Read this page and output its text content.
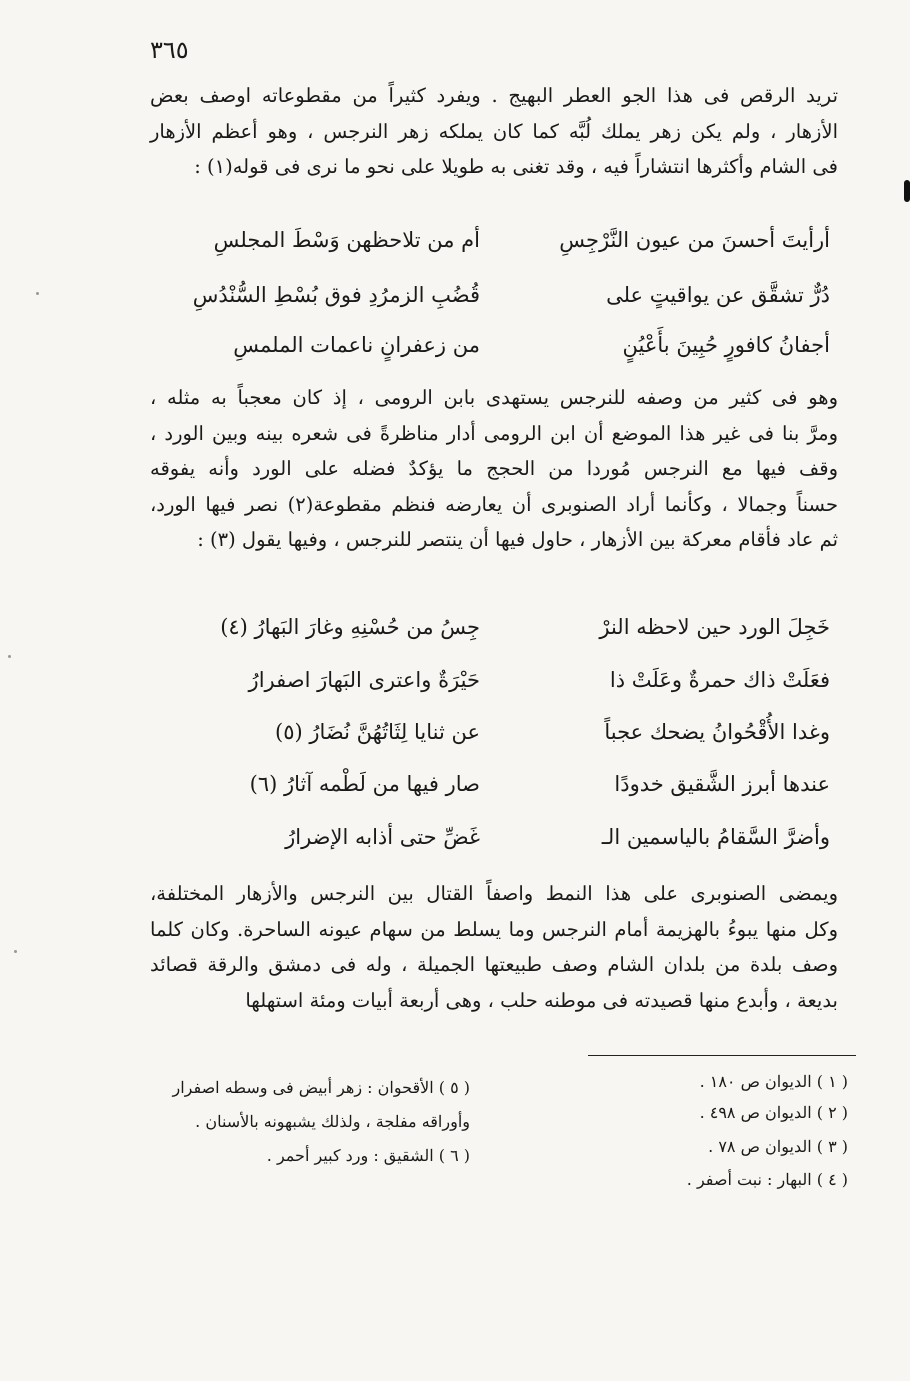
٣٦٥

تريد الرقص فى هذا الجو العطر البهيج . ويفرد كثيراً من مقطوعاته اوصف بعض
الأزهار ، ولم يكن زهر يملك لُبَّه كما كان يملكه زهر النرجس ، وهو أعظم الأزهار
فى الشام وأكثرها انتشاراً فيه ، وقد تغنى به طويلا على نحو ما نرى فى قوله(١) :

أرأيتَ أحسنَ من عيون النَّرْجِسِ
أم من تلاحظهن وَسْطَ المجلسِ
دُرٌّ تشقَّق عن يواقيتٍ على
قُضُبِ الزمرُدِ فوق بُسْطِ السُّنْدُسِ
أجفانُ كافورٍ حُبِينَ بأَعْيُنٍ
من زعفرانٍ ناعمات الملمسِ

وهو فى كثير من وصفه للنرجس يستهدى بابن الرومى ، إذ كان معجباً به مثله ،
ومرَّ بنا فى غير هذا الموضع أن ابن الرومى أدار مناظرةً فى شعره بينه وبين الورد ،
وقف فيها مع النرجس مُوردا من الحجج ما يؤكدٌ فضله على الورد وأنه يفوقه
حسناً وجمالا ، وكأنما أراد الصنوبرى أن يعارضه فنظم مقطوعة(٢) نصر فيها الورد،
ثم عاد فأقام معركة بين الأزهار ، حاول فيها أن ينتصر للنرجس ، وفيها يقول (٣) :

خَجِلَ الورد حين لاحظه النرْ
جِسُ من حُسْنِهِ وغارَ البَهارُ (٤)
فعَلَتْ ذاك حمرةٌ وعَلَتْ ذا
حَيْرَةٌ واعترى البَهارَ اصفرارُ
وغدا الأُقْحُوانُ يضحك عجباً
عن ثنايا لِثَاتُهُنَّ نُضَارُ (٥)
عندها أبرز الشَّقيق خدودًا
صار فيها من لَطْمه آثارُ (٦)
وأضرَّ السَّقامُ بالياسمين الـ
غَضِّ حتى أذابه الإضرارُ

ويمضى الصنوبرى على هذا النمط واصفاً القتال بين النرجس والأزهار المختلفة،
وكل منها يبوءُ بالهزيمة أمام النرجس وما يسلط من سهام عيونه الساحرة. وكان كلما
وصف بلدة من بلدان الشام وصف طبيعتها الجميلة ، وله فى دمشق والرقة قصائد
بديعة ، وأبدع منها قصيدته فى موطنه حلب ، وهى أربعة أبيات ومئة استهلها

( ١ ) الديوان ص ١٨٠ .
( ٢ ) الديوان ص ٤٩٨ .
( ٣ ) الديوان ص ٧٨ .
( ٤ ) البهار : نبت أصفر .
( ٥ ) الأقحوان : زهر أبيض فى وسطه اصفرار
وأوراقه مفلجة ، ولذلك يشبهونه بالأسنان .
( ٦ ) الشقيق : ورد كبير أحمر .
